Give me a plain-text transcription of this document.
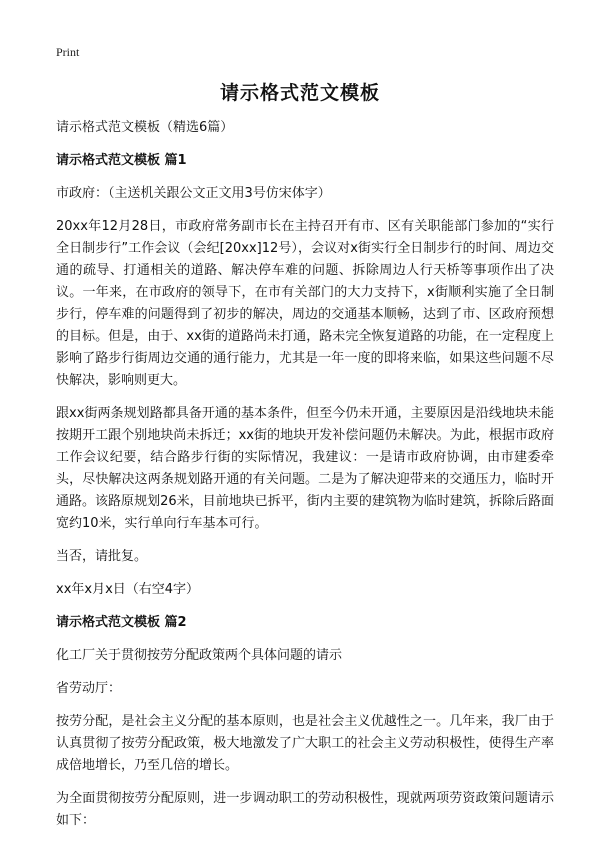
Print
请示格式范文模板

请示格式范文模板（精选6篇）

请示格式范文模板 篇1

市政府：（主送机关跟公文正文用3号仿宋体字）

20xx年12月28日，市政府常务副市长在主持召开有市、区有关职能部门参加的“实行全日制步行”工作会议（会纪[20xx]12号），会议对x街实行全日制步行的时间、周边交通的疏导、打通相关的道路、解决停车难的问题、拆除周边人行天桥等事项作出了决议。一年来，在市政府的领导下，在市有关部门的大力支持下，x街顺利实施了全日制步行，停车难的问题得到了初步的解决，周边的交通基本顺畅，达到了市、区政府预想的目标。但是，由于、xx街的道路尚未打通，路未完全恢复道路的功能，在一定程度上影响了路步行街周边交通的通行能力，尤其是一年一度的即将来临，如果这些问题不尽快解决，影响则更大。

跟xx街两条规划路都具备开通的基本条件，但至今仍未开通，主要原因是沿线地块未能按期开工跟个别地块尚未拆迁；xx街的地块开发补偿问题仍未解决。为此，根据市政府工作会议纪要，结合路步行街的实际情况，我建议：一是请市政府协调，由市建委牵头，尽快解决这两条规划路开通的有关问题。二是为了解决迎带来的交通压力，临时开通路。该路原规划26米，目前地块已拆平，街内主要的建筑物为临时建筑，拆除后路面宽约10米，实行单向行车基本可行。

当否，请批复。

xx年x月x日（右空4字）

请示格式范文模板 篇2

化工厂关于贯彻按劳分配政策两个具体问题的请示

省劳动厅：

按劳分配，是社会主义分配的基本原则，也是社会主义优越性之一。几年来，我厂由于认真贯彻了按劳分配政策，极大地激发了广大职工的社会主义劳动积极性，使得生产率成倍地增长，乃至几倍的增长。

为全面贯彻按劳分配原则，进一步调动职工的劳动积极性，现就两项劳资政策问题请示如下：
